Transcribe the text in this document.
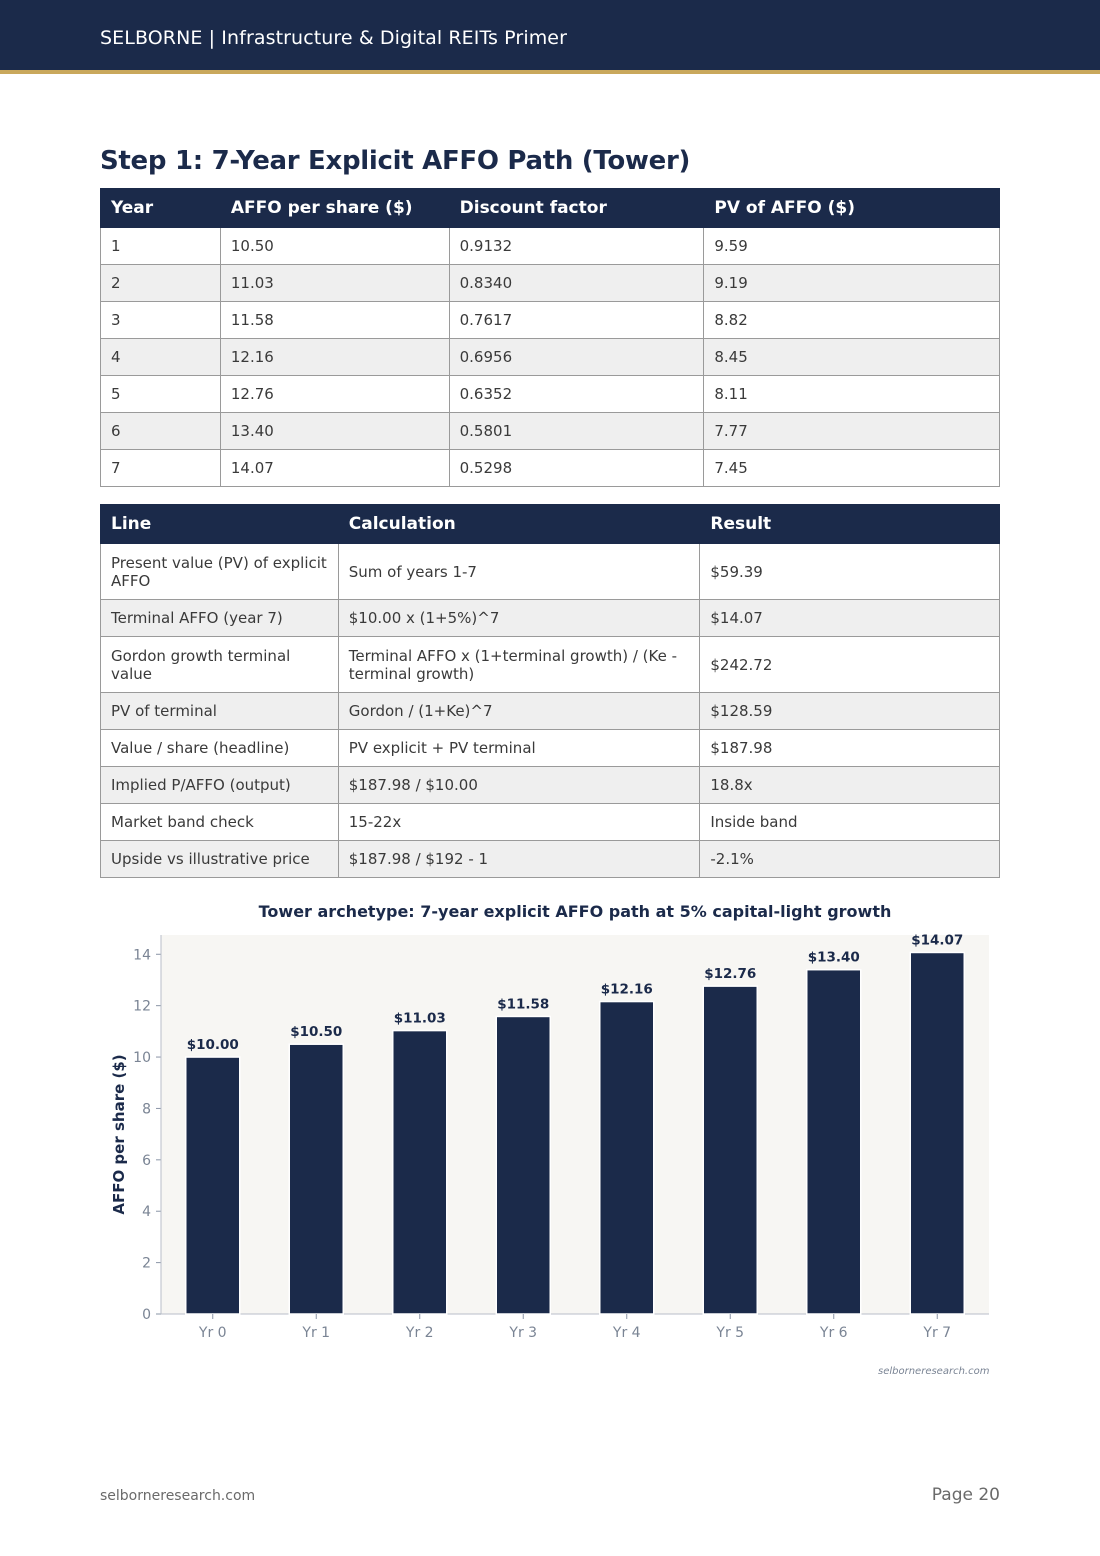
SELBORNE | Infrastructure & Digital REITs Primer
Step 1: 7-Year Explicit AFFO Path (Tower)
Year	AFFO per share ($)	Discount factor	PV of AFFO ($)
1	10.50	0.9132	9.59
2	11.03	0.8340	9.19
3	11.58	0.7617	8.82
4	12.16	0.6956	8.45
5	12.76	0.6352	8.11
6	13.40	0.5801	7.77
7	14.07	0.5298	7.45
Line	Calculation	Result
Present value (PV) of explicit AFFO	Sum of years 1-7	$59.39
Terminal AFFO (year 7)	$10.00 x (1+5%)^7	$14.07
Gordon growth terminal value	Terminal AFFO x (1+terminal growth) / (Ke - terminal growth)	$242.72
PV of terminal	Gordon / (1+Ke)^7	$128.59
Value / share (headline)	PV explicit + PV terminal	$187.98
Implied P/AFFO (output)	$187.98 / $10.00	18.8x
Market band check	15-22x	Inside band
Upside vs illustrative price	$187.98 / $192 - 1	-2.1%
Tower archetype: 7-year explicit AFFO path at 5% capital-light growth
0
2
4
6
8
10
12
14
AFFO per share ($)
$10.00
Yr 0
$10.50
Yr 1
$11.03
Yr 2
$11.58
Yr 3
$12.16
Yr 4
$12.76
Yr 5
$13.40
Yr 6
$14.07
Yr 7
selborneresearch.com
selborneresearch.com	Page 20
